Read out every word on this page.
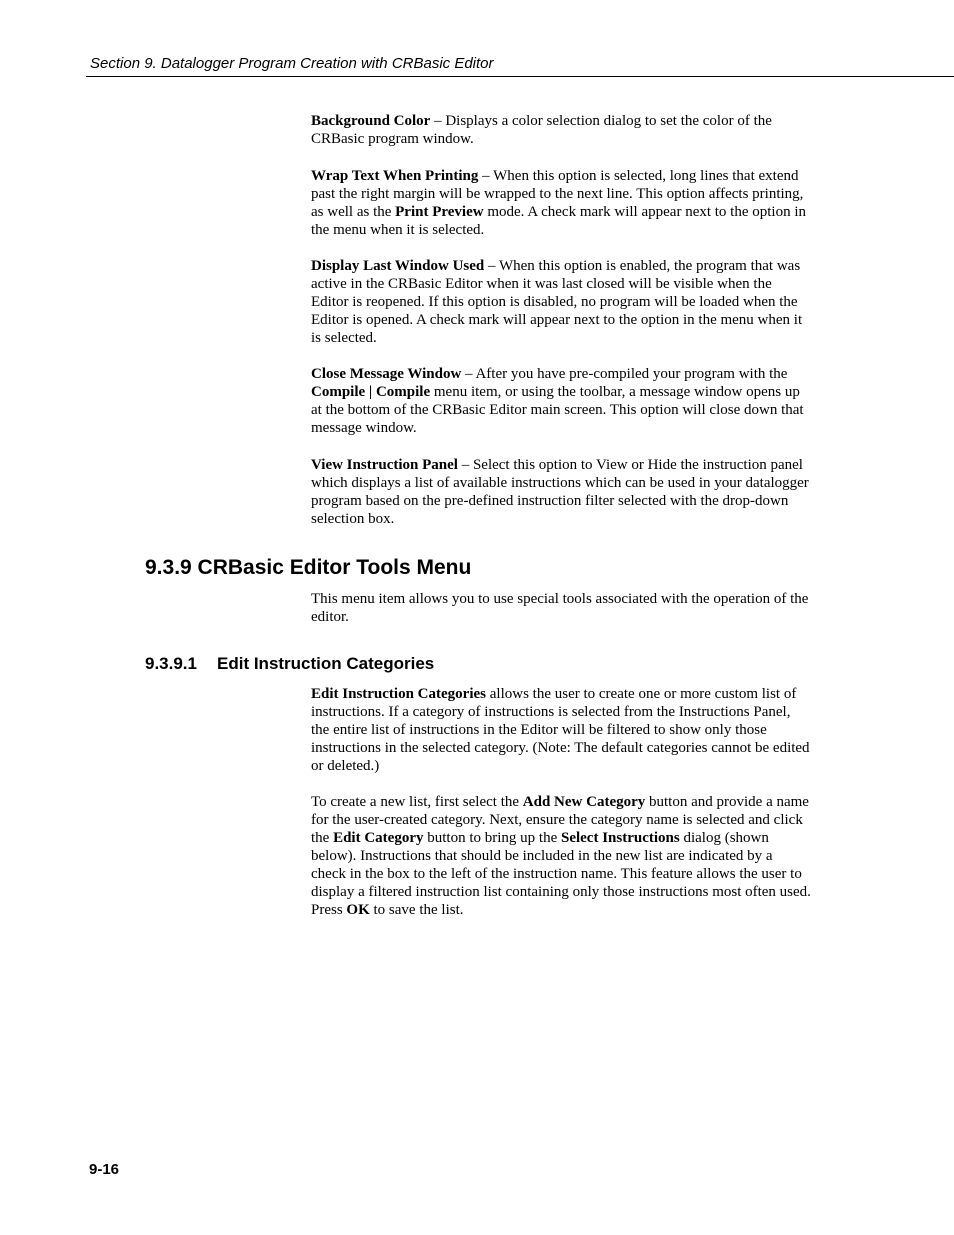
Section 9. Datalogger Program Creation with CRBasic Editor

Background Color – Displays a color selection dialog to set the color of the CRBasic program window.

Wrap Text When Printing – When this option is selected, long lines that extend past the right margin will be wrapped to the next line. This option affects printing, as well as the Print Preview mode. A check mark will appear next to the option in the menu when it is selected.

Display Last Window Used – When this option is enabled, the program that was active in the CRBasic Editor when it was last closed will be visible when the Editor is reopened. If this option is disabled, no program will be loaded when the Editor is opened. A check mark will appear next to the option in the menu when it is selected.

Close Message Window – After you have pre-compiled your program with the Compile | Compile menu item, or using the toolbar, a message window opens up at the bottom of the CRBasic Editor main screen. This option will close down that message window.

View Instruction Panel – Select this option to View or Hide the instruction panel which displays a list of available instructions which can be used in your datalogger program based on the pre-defined instruction filter selected with the drop-down selection box.

9.3.9 CRBasic Editor Tools Menu

This menu item allows you to use special tools associated with the operation of the editor.

9.3.9.1 Edit Instruction Categories

Edit Instruction Categories allows the user to create one or more custom list of instructions. If a category of instructions is selected from the Instructions Panel, the entire list of instructions in the Editor will be filtered to show only those instructions in the selected category. (Note: The default categories cannot be edited or deleted.)

To create a new list, first select the Add New Category button and provide a name for the user-created category. Next, ensure the category name is selected and click the Edit Category button to bring up the Select Instructions dialog (shown below). Instructions that should be included in the new list are indicated by a check in the box to the left of the instruction name. This feature allows the user to display a filtered instruction list containing only those instructions most often used. Press OK to save the list.

9-16
